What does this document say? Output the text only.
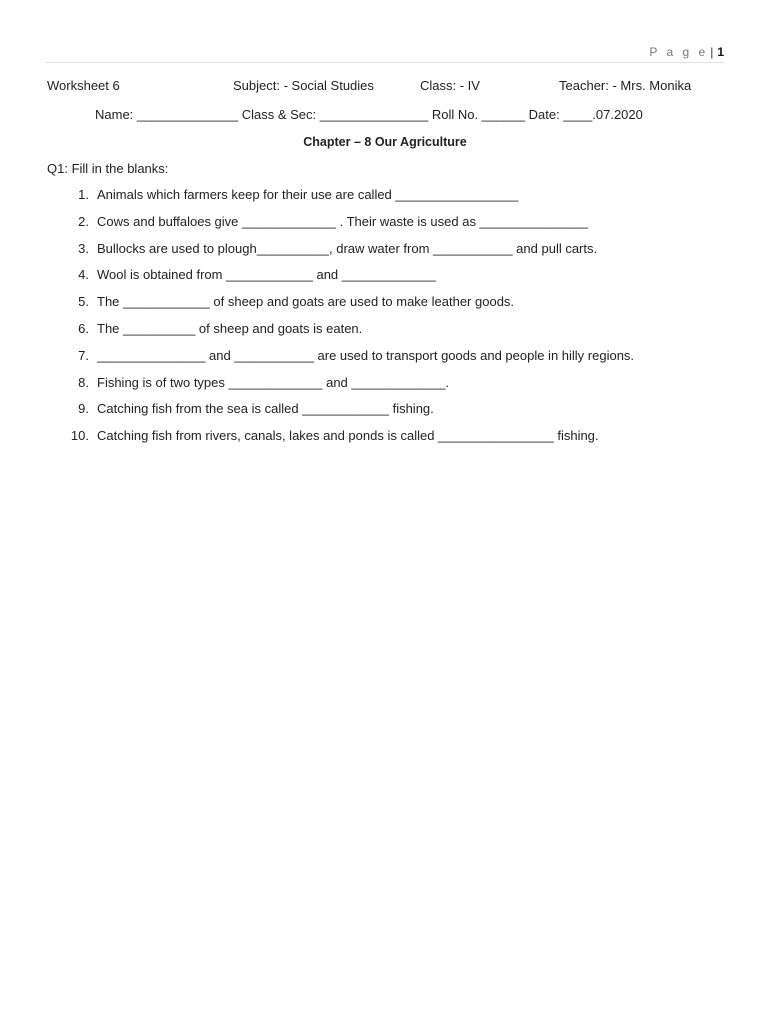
P a g e | 1
Worksheet 6	Subject: - Social Studies	Class: - IV	Teacher: - Mrs. Monika
Name: ______________ Class & Sec: _______________ Roll No. ______ Date: ____.07.2020
Chapter – 8 Our Agriculture
Q1: Fill in the blanks:
1. Animals which farmers keep for their use are called _________________
2. Cows and buffaloes give _____________ . Their waste is used as _______________
3. Bullocks are used to plough__________, draw water from ___________ and pull carts.
4. Wool is obtained from ____________ and _____________
5. The ____________ of sheep and goats are used to make leather goods.
6. The __________ of sheep and goats is eaten.
7. _______________ and ___________ are used to transport goods and people in hilly regions.
8. Fishing is of two types _____________ and _____________.
9. Catching fish from the sea is called ____________ fishing.
10. Catching fish from rivers, canals, lakes and ponds is called ________________ fishing.
